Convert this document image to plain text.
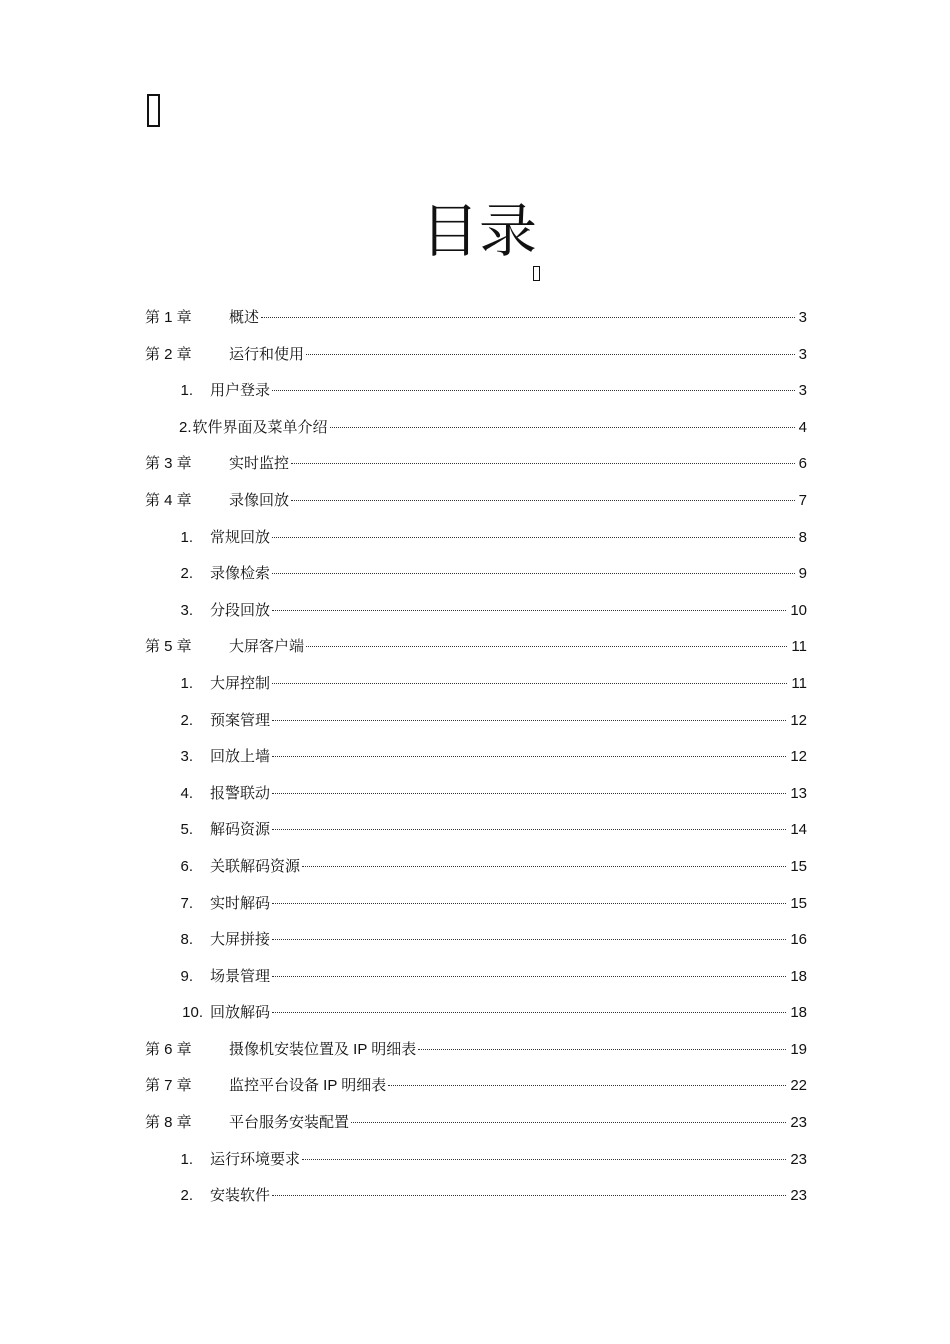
目录
第 1 章	概述	3
第 2 章	运行和使用	3
1.	用户登录	3
2. 软件界面及菜单介绍	4
第 3 章	实时监控	6
第 4 章	录像回放	7
1.	常规回放	8
2.	录像检索	9
3.	分段回放	10
第 5 章	大屏客户端	11
1.	大屏控制	11
2.	预案管理	12
3.	回放上墙	12
4.	报警联动	13
5.	解码资源	14
6.	关联解码资源	15
7.	实时解码	15
8.	大屏拼接	16
9.	场景管理	18
10. 回放解码	18
第 6 章	摄像机安装位置及 IP 明细表	19
第 7 章	监控平台设备 IP 明细表	22
第 8 章	平台服务安装配置	23
1.	运行环境要求	23
2.	安装软件	23
